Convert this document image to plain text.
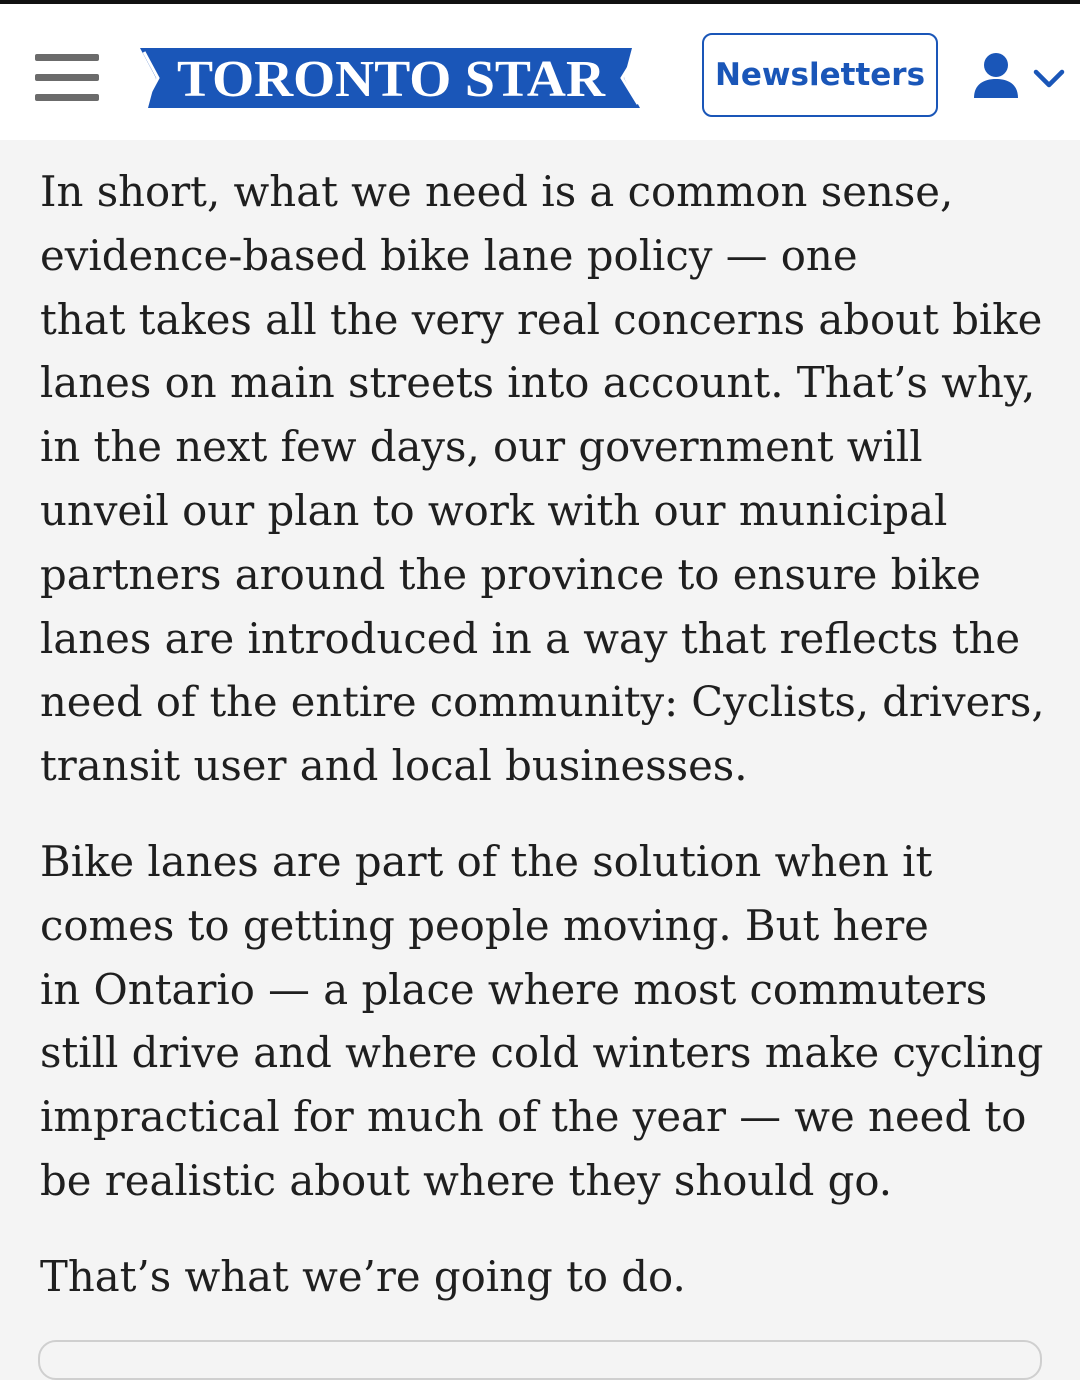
TORONTO STAR	Newsletters

In short, what we need is a common sense,
evidence-based bike lane policy — one
that takes all the very real concerns about bike
lanes on main streets into account. That’s why,
in the next few days, our government will
unveil our plan to work with our municipal
partners around the province to ensure bike
lanes are introduced in a way that reflects the
need of the entire community: Cyclists, drivers,
transit user and local businesses.

Bike lanes are part of the solution when it
comes to getting people moving. But here
in Ontario — a place where most commuters
still drive and where cold winters make cycling
impractical for much of the year — we need to
be realistic about where they should go.

That’s what we’re going to do.
